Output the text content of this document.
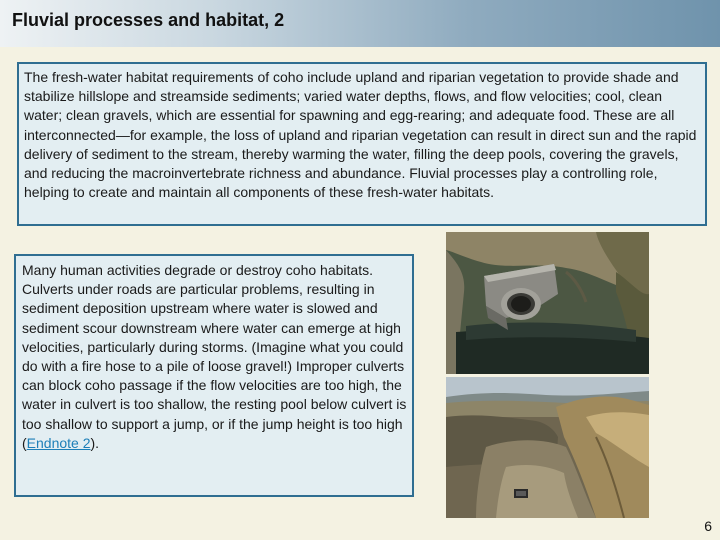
Fluvial processes and habitat, 2
The fresh-water habitat requirements of coho include upland and riparian vegetation to provide shade and stabilize hillslope and streamside sediments; varied water depths, flows, and flow velocities; cool, clean water; clean gravels, which are essential for spawning and egg-rearing; and adequate food. These are all interconnected—for example, the loss of upland and riparian vegetation can result in direct sun and the rapid delivery of sediment to the stream, thereby warming the water, filling the deep pools, covering the gravels, and reducing the macroinvertebrate richness and abundance. Fluvial processes play a controlling role, helping to create and maintain all components of these fresh-water habitats.
Many human activities degrade or destroy coho habitats. Culverts under roads are particular problems, resulting in sediment deposition upstream where water is slowed and sediment scour downstream where water can emerge at high velocities, particularly during storms. (Imagine what you could do with a fire hose to a pile of loose gravel!) Improper culverts can block coho passage if the flow velocities are too high, the water in culvert is too shallow, the resting pool below culvert is too shallow to support a jump, or if the jump height is too high (Endnote 2).
6
